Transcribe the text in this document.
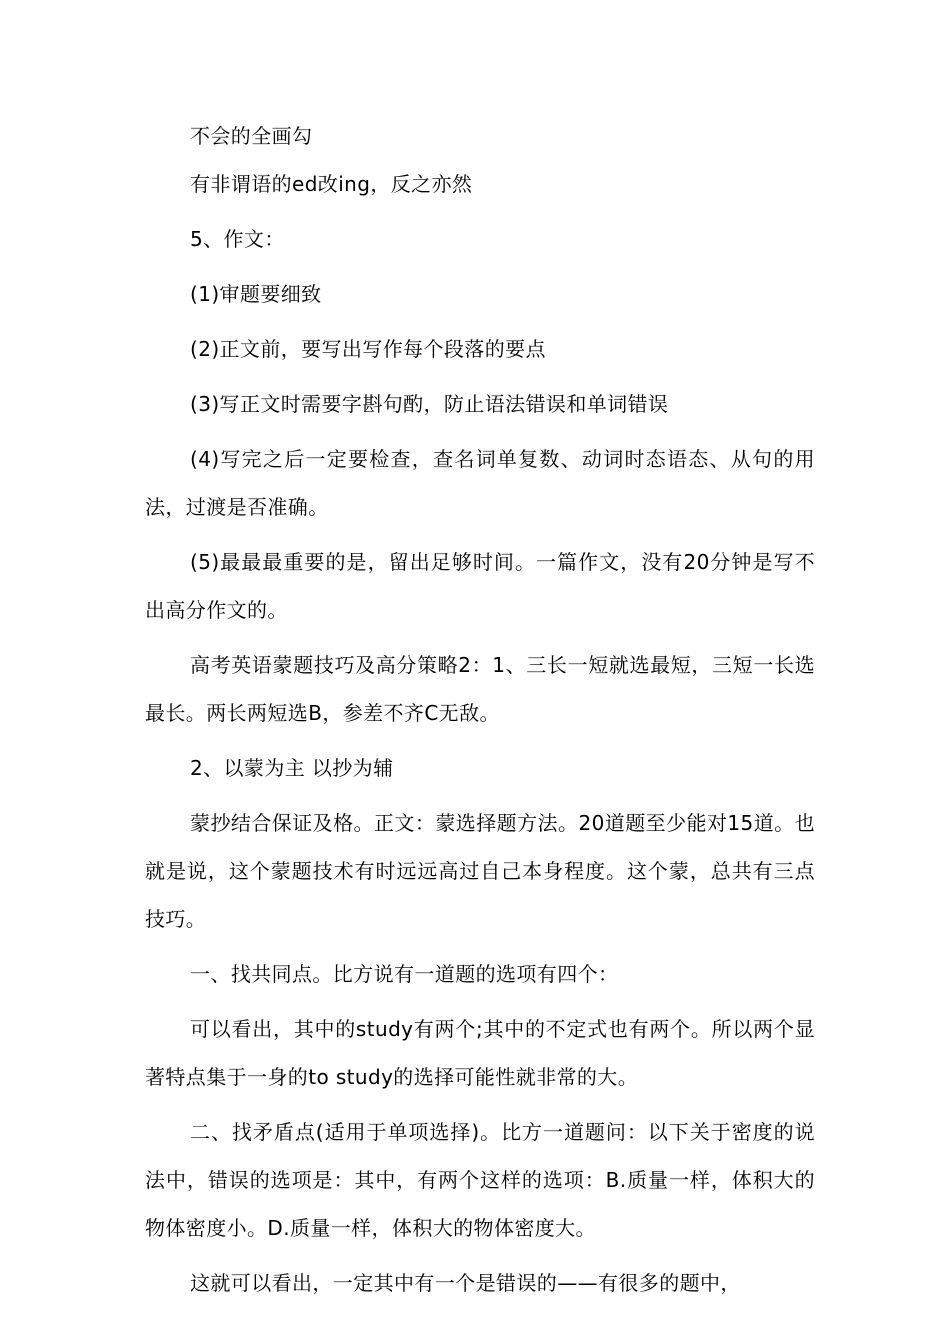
不会的全画勾

有非谓语的ed改ing，反之亦然

5、作文：

(1)审题要细致

(2)正文前，要写出写作每个段落的要点

(3)写正文时需要字斟句酌，防止语法错误和单词错误

(4)写完之后一定要检查，查名词单复数、动词时态语态、从句的用法，过渡是否准确。

(5)最最最重要的是，留出足够时间。一篇作文，没有20分钟是写不出高分作文的。

高考英语蒙题技巧及高分策略2：1、三长一短就选最短，三短一长选最长。两长两短选B，参差不齐C无敌。

2、以蒙为主 以抄为辅

蒙抄结合保证及格。正文：蒙选择题方法。20道题至少能对15道。也就是说，这个蒙题技术有时远远高过自己本身程度。这个蒙，总共有三点技巧。

一、找共同点。比方说有一道题的选项有四个：

可以看出，其中的study有两个;其中的不定式也有两个。所以两个显著特点集于一身的to study的选择可能性就非常的大。

二、找矛盾点(适用于单项选择)。比方一道题问：以下关于密度的说法中，错误的选项是：其中，有两个这样的选项：B.质量一样，体积大的物体密度小。D.质量一样，体积大的物体密度大。

这就可以看出，一定其中有一个是错误的——有很多的题中，
